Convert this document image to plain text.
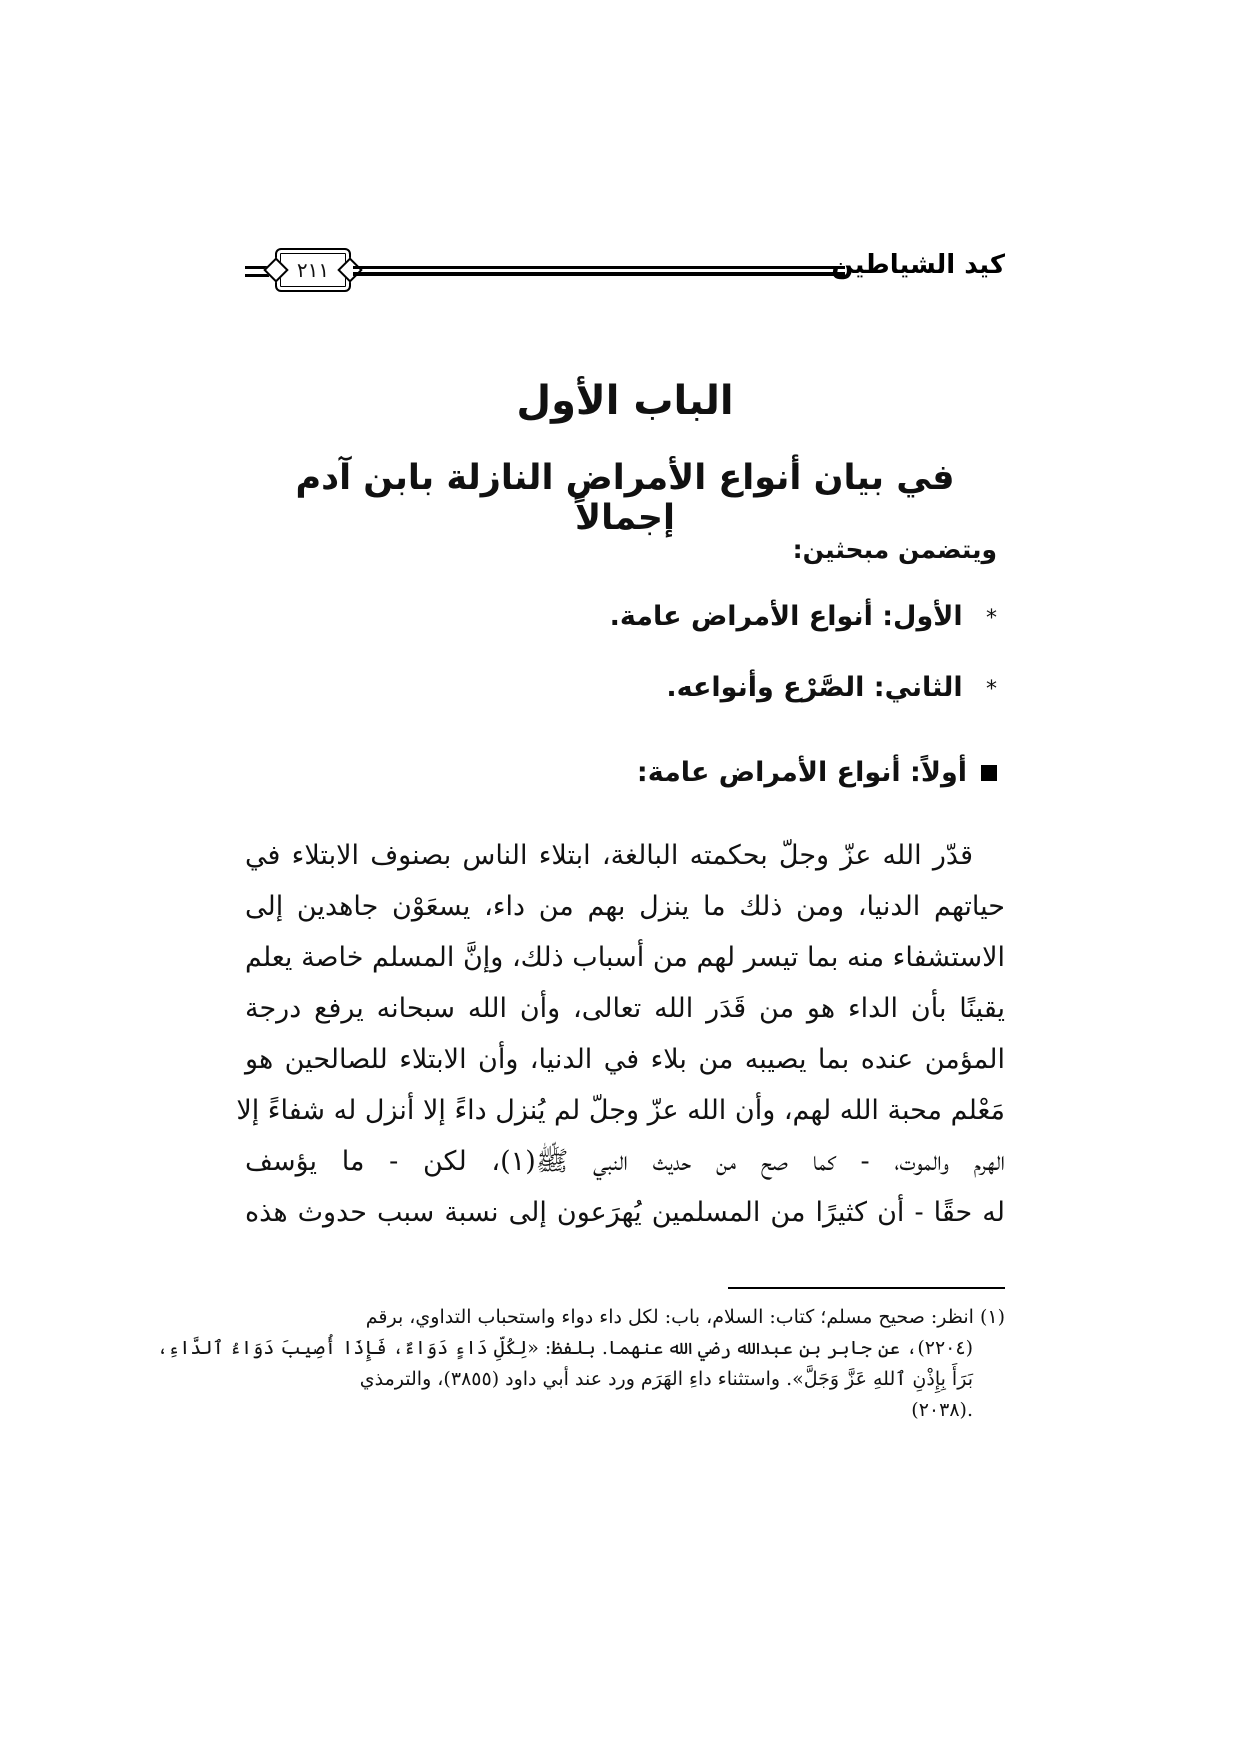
٢١١	كيد الشياطين
الباب الأول
في بيان أنواع الأمراض النازلة بابن آدم إجمالاً
ويتضمن مبحثين:
* الأول: أنواع الأمراض عامة.
* الثاني: الصَّرْع وأنواعه.
أولاً: أنواع الأمراض عامة:
قدّر الله عزّ وجلّ بحكمته البالغة، ابتلاء الناس بصنوف الابتلاء في
حياتهم الدنيا، ومن ذلك ما ينزل بهم من داء، يسعَوْن جاهدين إلى
الاستشفاء منه بما تيسر لهم من أسباب ذلك، وإنَّ المسلم خاصة يعلم
يقينًا بأن الداء هو من قَدَر الله تعالى، وأن الله سبحانه يرفع درجة
المؤمن عنده بما يصيبه من بلاء في الدنيا، وأن الابتلاء للصالحين هو
مَعْلم محبة الله لهم، وأن الله عزّ وجلّ لم يُنزل داءً إلا أنزل له شفاءً إلا
الهرم والموت، - كما صح من حديث النبي ﷺ(١)، لكن - ما يؤسف
له حقًا - أن كثيرًا من المسلمين يُهرَعون إلى نسبة سبب حدوث هذه
(١) انظر: صحيح مسلم؛ كتاب: السلام، باب: لكل داء دواء واستحباب التداوي، برقم
(٢٢٠٤)، عن جابر بن عبدالله رضي الله عنهما. بلفظ: «لِكُلِّ دَاءٍ دَوَاءٌ، فَإِذَا أُصِيبَ دَوَاءُ ٱلدَّاءِ،
بَرَأَ بِإِذْنِ ٱللهِ عَزَّ وَجَلَّ». واستثناء داءِ الهَرَم ورد عند أبي داود (٣٨٥٥)، والترمذي
.(٢٠٣٨)
